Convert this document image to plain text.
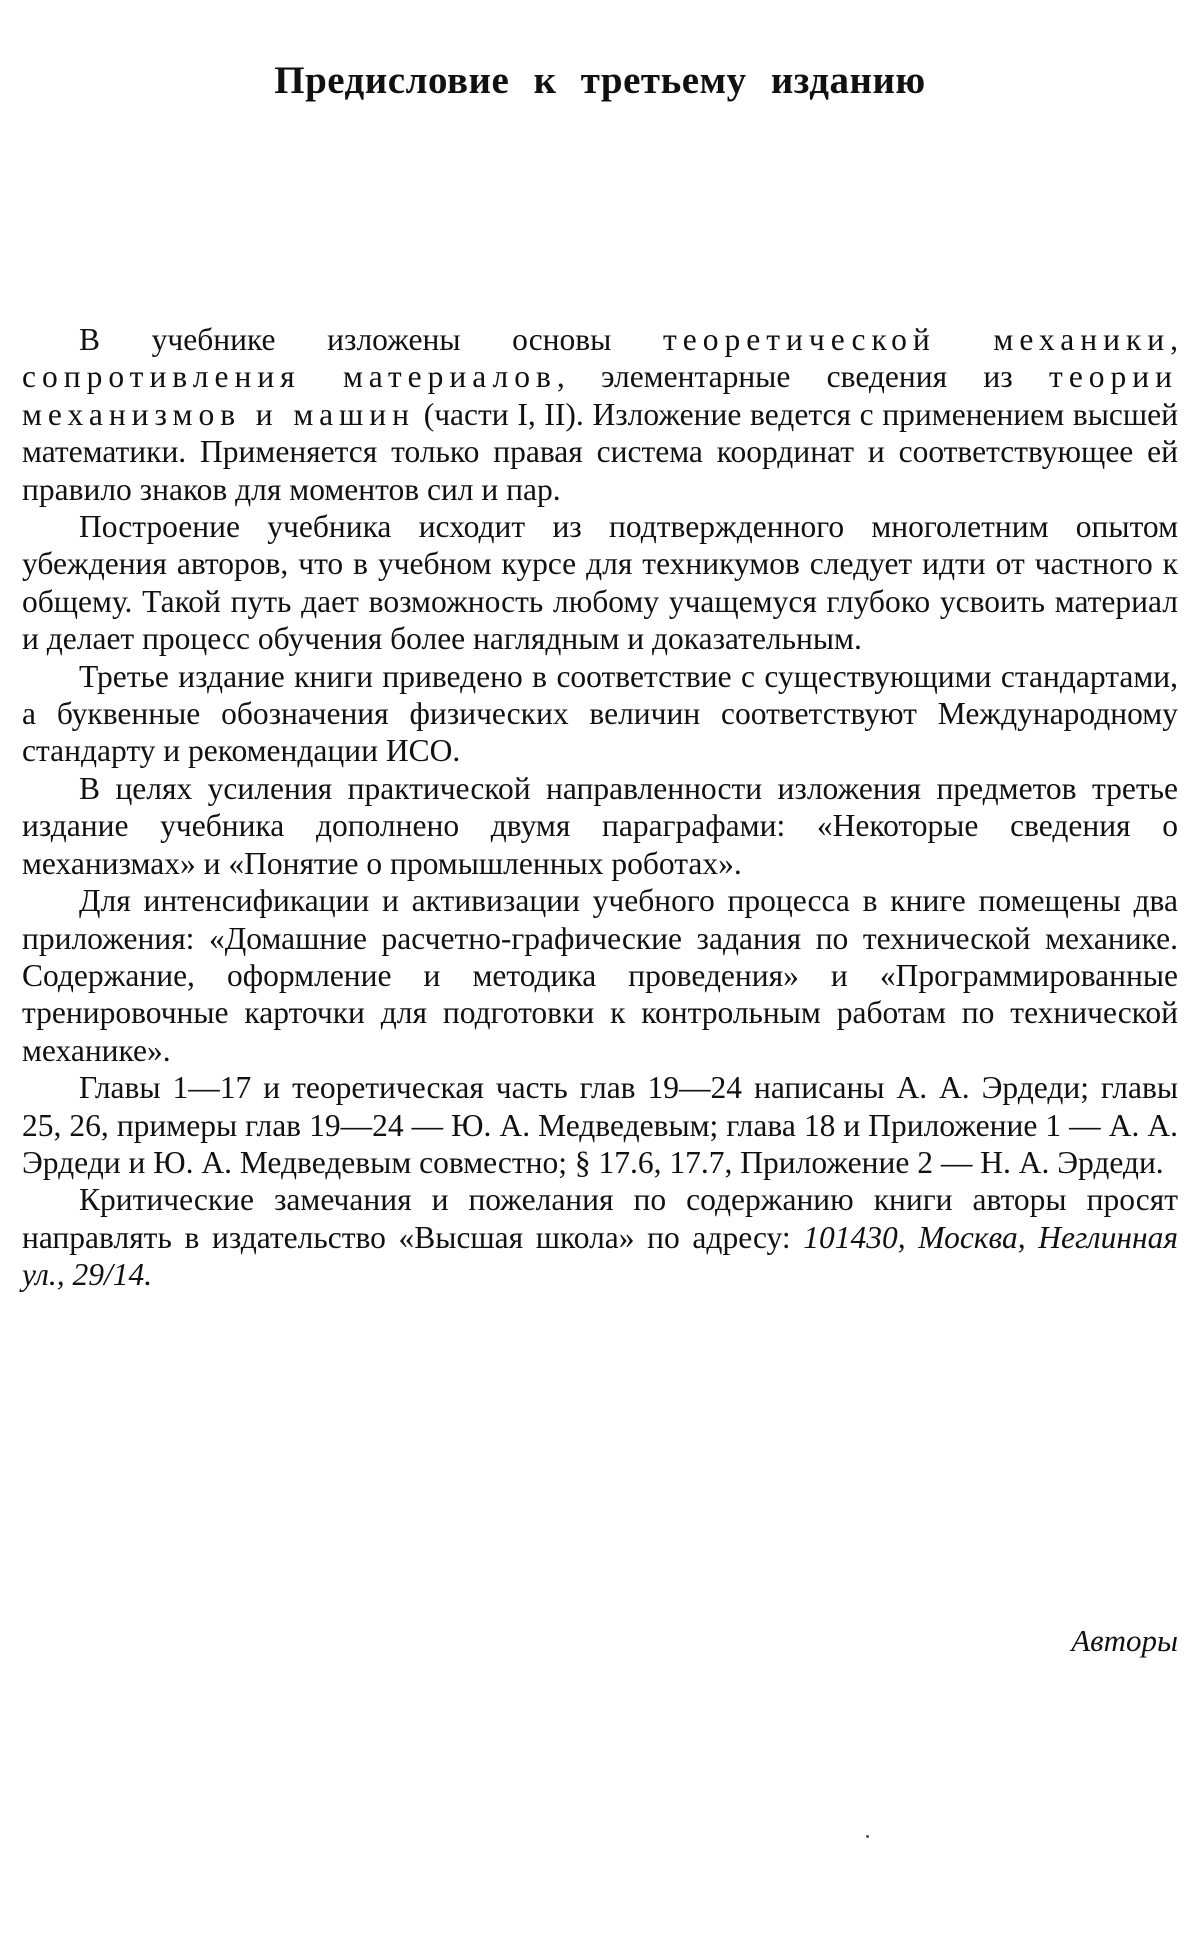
Предисловие к третьему изданию

В учебнике изложены основы теоретической механики, сопротивления материалов, элементарные сведения из теории механизмов и машин (части I, II). Изложение ведется с применением высшей математики. Применяется только правая система координат и соответствующее ей правило знаков для моментов сил и пар.

Построение учебника исходит из подтвержденного многолетним опытом убеждения авторов, что в учебном курсе для техникумов следует идти от частного к общему. Такой путь дает возможность любому учащемуся глубоко усвоить материал и делает процесс обучения более наглядным и доказательным.

Третье издание книги приведено в соответствие с существующими стандартами, а буквенные обозначения физических величин соответствуют Международному стандарту и рекомендации ИСО.

В целях усиления практической направленности изложения предметов третье издание учебника дополнено двумя параграфами: «Некоторые сведения о механизмах» и «Понятие о промышленных роботах».

Для интенсификации и активизации учебного процесса в книге помещены два приложения: «Домашние расчетно-графические задания по технической механике. Содержание, оформление и методика проведения» и «Программированные тренировочные карточки для подготовки к контрольным работам по технической механике».

Главы 1—17 и теоретическая часть глав 19—24 написаны А. А. Эрдеди; главы 25, 26, примеры глав 19—24 — Ю. А. Медведевым; глава 18 и Приложение 1 — А. А. Эрдеди и Ю. А. Медведевым совместно; § 17.6, 17.7, Приложение 2 — Н. А. Эрдеди.

Критические замечания и пожелания по содержанию книги авторы просят направлять в издательство «Высшая школа» по адресу: 101430, Москва, Неглинная ул., 29/14.

Авторы
